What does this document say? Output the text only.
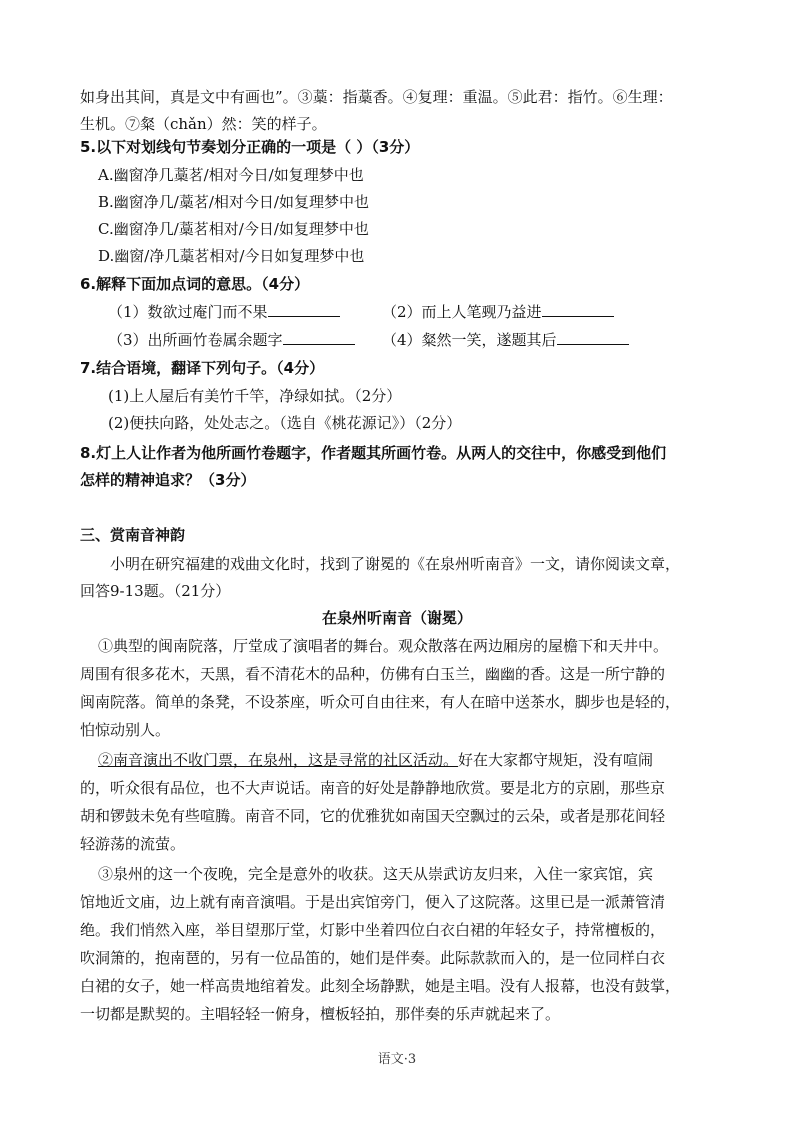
如身出其间，真是文中有画也”。③藁：指藁香。④复理：重温。⑤此君：指竹。⑥生理：
生机。⑦粲（chǎn）然：笑的样子。
5.以下对划线句节奏划分正确的一项是（ ）（3分）
A.幽窗净几藁茗/相对今日/如复理梦中也
B.幽窗净几/藁茗/相对今日/如复理梦中也
C.幽窗净几/藁茗相对/今日/如复理梦中也
D.幽窗/净几藁茗相对/今日如复理梦中也
6.解释下面加点词的意思。（4分）
（1）数欲过庵门而不果	（2）而上人笔觋乃益进
（3）出所画竹卷属余题字	（4）粲然一笑，遂题其后
7.结合语境，翻译下列句子。（4分）
(1)上人屋后有美竹千竿，净绿如拭。（2分）
(2)便扶向路，处处志之。（选自《桃花源记》）（2分）
8.灯上人让作者为他所画竹卷题字，作者题其所画竹卷。从两人的交往中，你感受到他们
怎样的精神追求？（3分）
三、赏南音神韵
小明在研究福建的戏曲文化时，找到了谢冕的《在泉州听南音》一文，请你阅读文章，
回答9-13题。（21分）
在泉州听南音（谢冕）
①典型的闽南院落，厅堂成了演唱者的舞台。观众散落在两边厢房的屋檐下和天井中。
周围有很多花木，天黑，看不清花木的品种，仿佛有白玉兰，幽幽的香。这是一所宁静的
闽南院落。简单的条凳，不设茶座，听众可自由往来，有人在暗中送茶水，脚步也是轻的，
怕惊动别人。
②南音演出不收门票，在泉州，这是寻常的社区活动。好在大家都守规矩，没有喧闹
的，听众很有品位，也不大声说话。南音的好处是静静地欣赏。要是北方的京剧，那些京
胡和锣鼓未免有些喧腾。南音不同，它的优雅犹如南国天空飘过的云朵，或者是那花间轻
轻游荡的流萤。
③泉州的这一个夜晚，完全是意外的收获。这天从崇武访友归来，入住一家宾馆，宾
馆地近文庙，边上就有南音演唱。于是出宾馆旁门，便入了这院落。这里已是一派萧管清
绝。我们悄然入座，举目望那厅堂，灯影中坐着四位白衣白裙的年轻女子，持常檀板的，
吹洞箫的，抱南琶的，另有一位品笛的，她们是伴奏。此际款款而入的，是一位同样白衣
白裙的女子，她一样高贵地绾着发。此刻全场静默，她是主唱。没有人报幕，也没有鼓掌，
一切都是默契的。主唱轻轻一俯身，檀板轻拍，那伴奏的乐声就起来了。
语文·3
